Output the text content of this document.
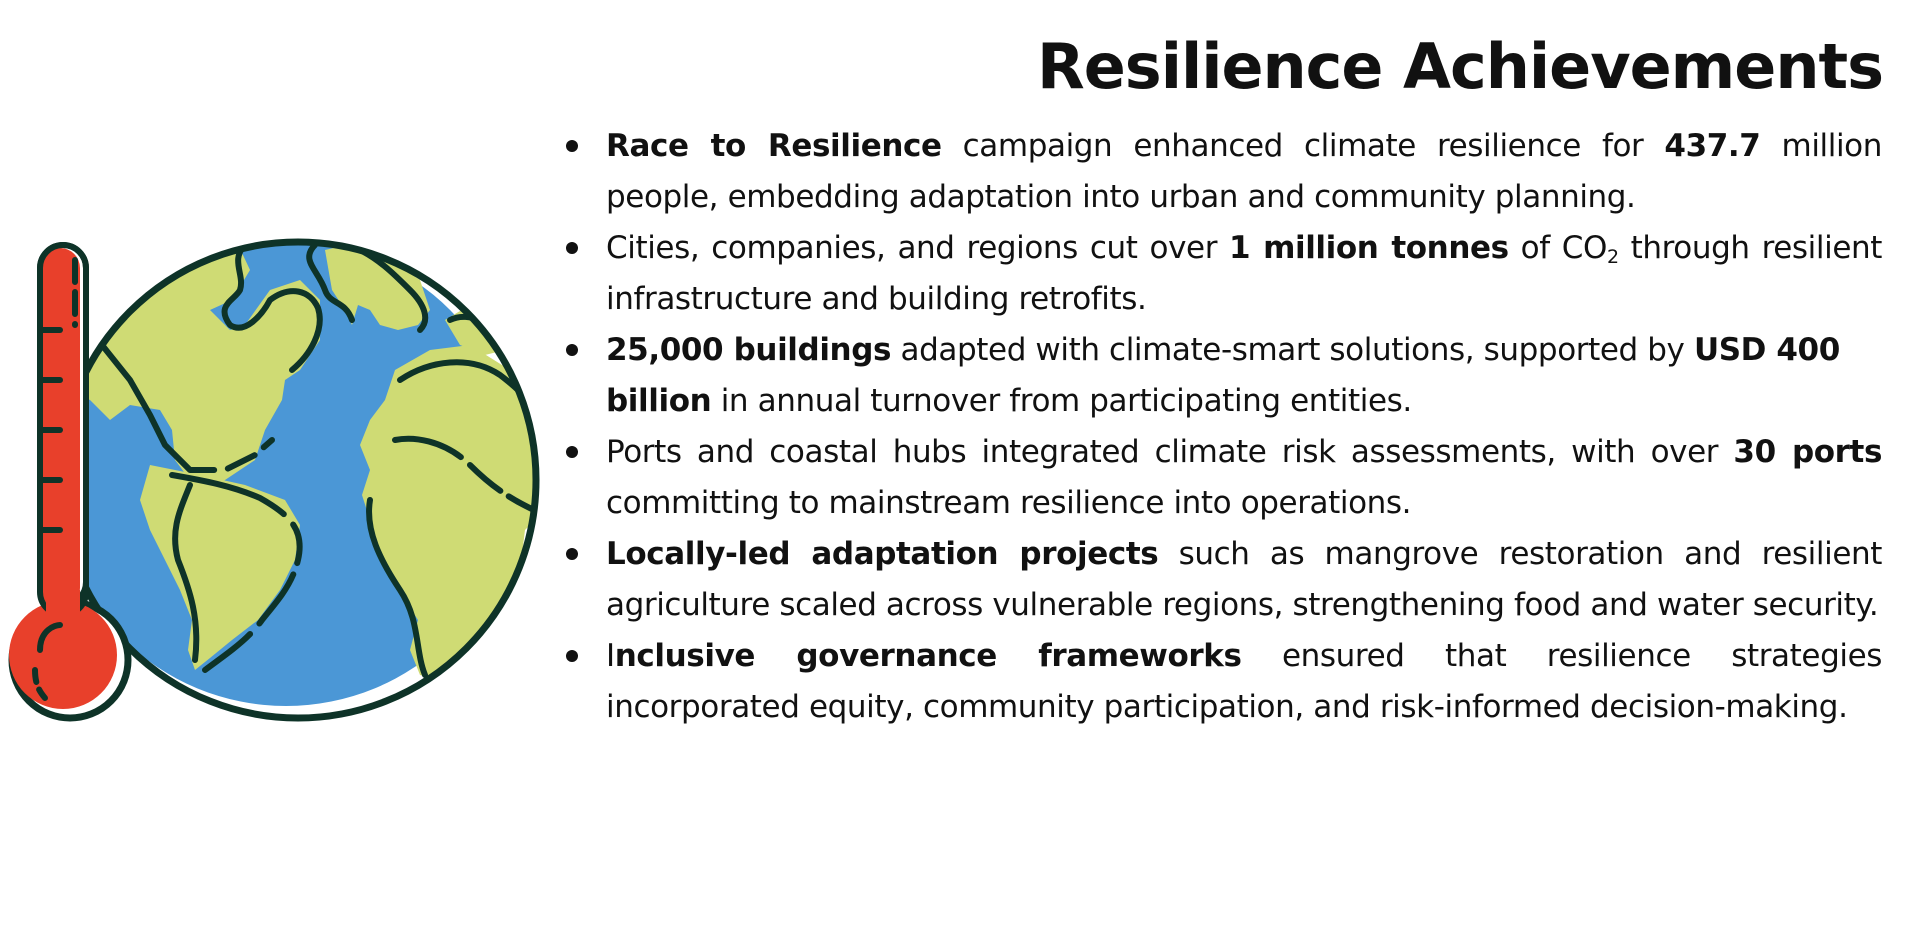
Resilience Achievements
Race to Resilience campaign enhanced climate resilience for 437.7 million people, embedding adaptation into urban and community planning.
Cities, companies, and regions cut over 1 million tonnes of $CO_2$ through resilient infrastructure and building retrofits.
25,000 buildings adapted with climate-smart solutions, supported by USD 400 billion in annual turnover from participating entities.
Ports and coastal hubs integrated climate risk assessments, with over 30 ports committing to mainstream resilience into operations.
Locally-led adaptation projects such as mangrove restoration and resilient agriculture scaled across vulnerable regions, strengthening food and water security.
Inclusive governance frameworks ensured that resilience strategies incorporated equity, community participation, and risk-informed decision-making.
